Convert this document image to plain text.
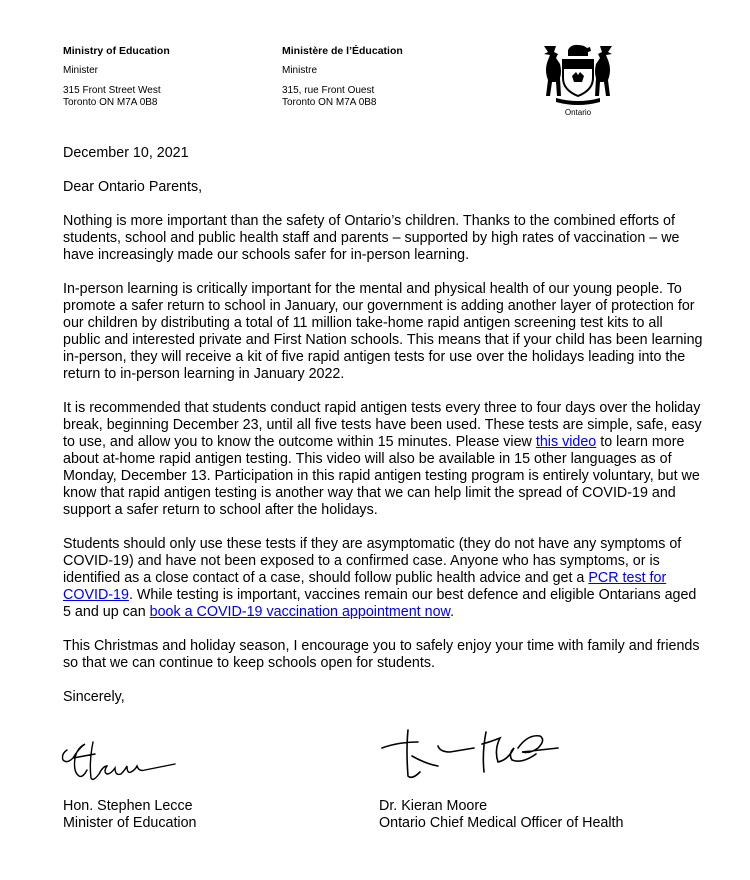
Ministry of Education
Minister
315 Front Street West
Toronto ON M7A 0B8
Ministère de l’Éducation
Ministre
315, rue Front Ouest
Toronto ON M7A 0B8
Ontario

December 10, 2021

Dear Ontario Parents,

Nothing is more important than the safety of Ontario’s children. Thanks to the combined efforts of students, school and public health staff and parents – supported by high rates of vaccination – we have increasingly made our schools safer for in-person learning.

In-person learning is critically important for the mental and physical health of our young people. To promote a safer return to school in January, our government is adding another layer of protection for our children by distributing a total of 11 million take-home rapid antigen screening test kits to all public and interested private and First Nation schools. This means that if your child has been learning in-person, they will receive a kit of five rapid antigen tests for use over the holidays leading into the return to in-person learning in January 2022.

It is recommended that students conduct rapid antigen tests every three to four days over the holiday break, beginning December 23, until all five tests have been used. These tests are simple, safe, easy to use, and allow you to know the outcome within 15 minutes. Please view this video to learn more about at-home rapid antigen testing. This video will also be available in 15 other languages as of Monday, December 13. Participation in this rapid antigen testing program is entirely voluntary, but we know that rapid antigen testing is another way that we can help limit the spread of COVID-19 and support a safer return to school after the holidays.

Students should only use these tests if they are asymptomatic (they do not have any symptoms of COVID-19) and have not been exposed to a confirmed case. Anyone who has symptoms, or is identified as a close contact of a case, should follow public health advice and get a PCR test for COVID-19. While testing is important, vaccines remain our best defence and eligible Ontarians aged 5 and up can book a COVID-19 vaccination appointment now.

This Christmas and holiday season, I encourage you to safely enjoy your time with family and friends so that we can continue to keep schools open for students.

Sincerely,

Hon. Stephen Lecce
Minister of Education
Dr. Kieran Moore
Ontario Chief Medical Officer of Health
